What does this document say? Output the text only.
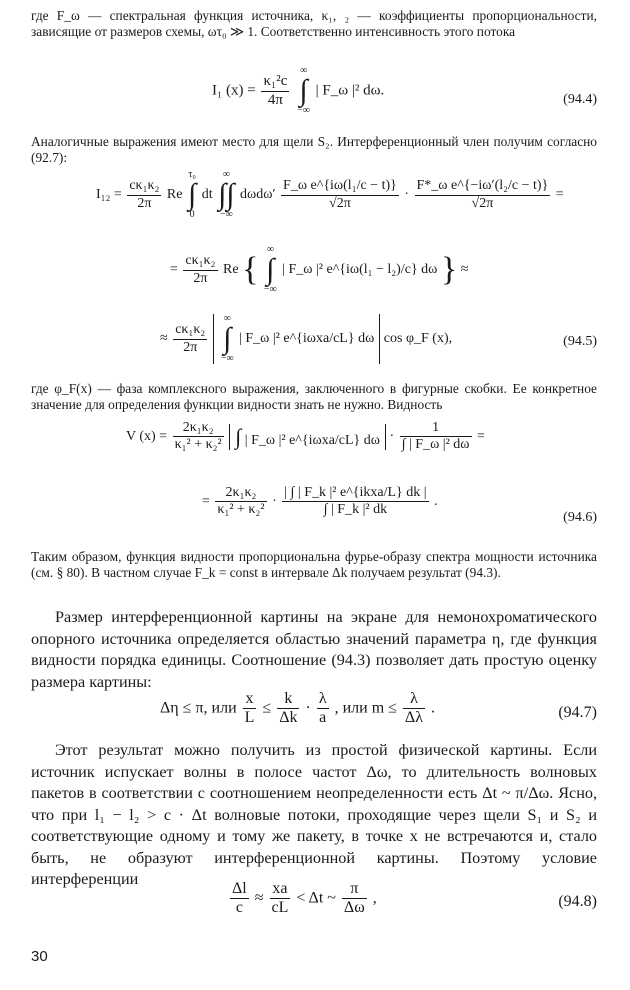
где F_ω — спектральная функция источника, κ₁, ₂ — коэффициенты пропорциональности, зависящие от размеров схемы, ωτ₀ ≫ 1. Соответственно интенсивность этого потока

I₁ $(x) = \frac{\text{κ₁²c}}{4\pi}$

∞
∫
−∞
| F_ω |² dω.
(94.4)

Аналогичные выражения имеют место для щели S₂. Интерференционный член получим согласно (92.7):

$I_{12} = \frac{\text{cκ₁κ₂}}{2\pi}$ Re
τ₀
∫
0
dt
∞
∫∫
−∞
$d\omega d\omega' \frac{\text{F\_ω e\textasciicircum{}\{iω(l₁/c − t)\}}}{√2\pi} \cdot \frac{\text{F*\_ω e\textasciicircum{}\{−iω′(l₂/c − t)\}}}{√2\pi}$ =
= $\frac{\text{cκ₁κ₂}}{2\pi}$ Re {
∞
∫
−∞
| F_ω |² e^{iω(l₁ − l₂)/c} dω } ≈
≈ $\frac{\text{cκ₁κ₂}}{2\pi}$

∞
∫
−∞
| F_ω |² e^{iωxa/cL} dω cos φ_F (x),	(94.5)

где φ_F(x) — фаза комплексного выражения, заключенного в фигурные скобки. Ее конкретное значение для определения функции видности знать не нужно. Видность

V $(x) = \frac{\text{2κ₁κ₂}}{\text{κ₁² + κ₂²}}$ ∫ | F_ω |² e^{iωxa/cL} $d\omega \cdot \frac{1}{\text{∫ | F\_ω |² dω}}$ =
= $\frac{\text{2κ₁κ₂}}{\text{κ₁² + κ₂²}}$ ·
| ∫ | F_k |² e^{ikxa/L} dk |
∫ | F_k |² dk
.
(94.6)

Таким образом, функция видности пропорциональна фурье-образу спектра мощности источника (см. § 80). В частном случае F_k = const в интервале Δk получаем результат (94.3).

Размер интерференционной картины на экране для немонохроматического опорного источника определяется областью значений параметра η, где функция видности порядка единицы. Соотношение (94.3) позволяет дать простую оценку размера картины:

Δη ≤ π, или $\frac{x}{L} \le \frac{k}{\Delta k} \cdot \frac{\lambda}{a}$ , или $m \le \frac{\lambda}{\Delta\lambda}$ .	(94.7)

Этот результат можно получить из простой физической картины. Если источник испускает волны в полосе частот Δω, то длительность волновых пакетов в соответствии с соотношением неопределенности есть Δt ~ π/Δω. Ясно, что при l₁ − l₂ > c · Δt волновые потоки, проходящие через щели S₁ и S₂ и соответствующие одному и тому же пакету, в точке x не встречаются и, стало быть, не образуют интерференционной картины. Поэтому условие интерференции

$\frac{\Delta l}{c} \approx \frac{xa}{cL} < \Delta t$ ~ $\frac{\pi}{\Delta\omega}$ ,	(94.8)
30
